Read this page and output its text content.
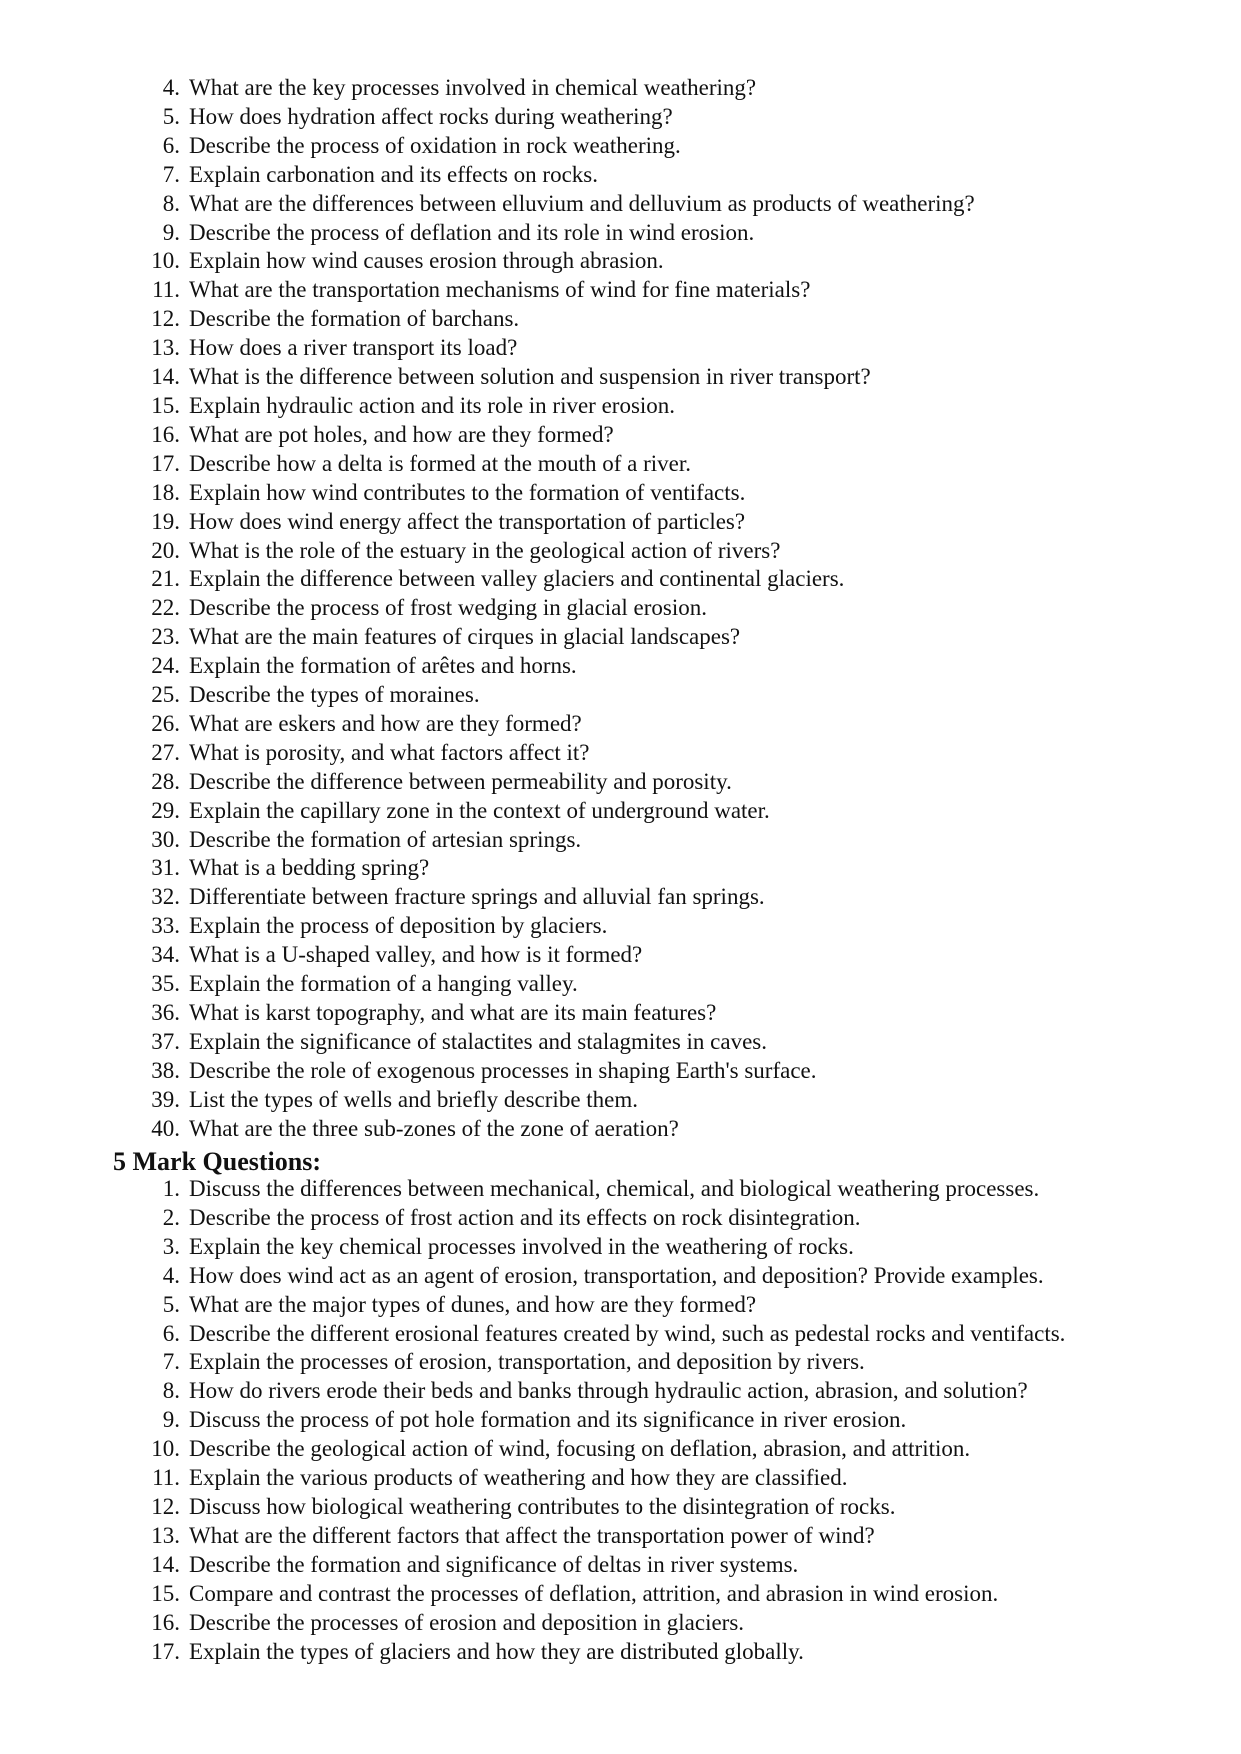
4. What are the key processes involved in chemical weathering?
5. How does hydration affect rocks during weathering?
6. Describe the process of oxidation in rock weathering.
7. Explain carbonation and its effects on rocks.
8. What are the differences between elluvium and delluvium as products of weathering?
9. Describe the process of deflation and its role in wind erosion.
10. Explain how wind causes erosion through abrasion.
11. What are the transportation mechanisms of wind for fine materials?
12. Describe the formation of barchans.
13. How does a river transport its load?
14. What is the difference between solution and suspension in river transport?
15. Explain hydraulic action and its role in river erosion.
16. What are pot holes, and how are they formed?
17. Describe how a delta is formed at the mouth of a river.
18. Explain how wind contributes to the formation of ventifacts.
19. How does wind energy affect the transportation of particles?
20. What is the role of the estuary in the geological action of rivers?
21. Explain the difference between valley glaciers and continental glaciers.
22. Describe the process of frost wedging in glacial erosion.
23. What are the main features of cirques in glacial landscapes?
24. Explain the formation of arêtes and horns.
25. Describe the types of moraines.
26. What are eskers and how are they formed?
27. What is porosity, and what factors affect it?
28. Describe the difference between permeability and porosity.
29. Explain the capillary zone in the context of underground water.
30. Describe the formation of artesian springs.
31. What is a bedding spring?
32. Differentiate between fracture springs and alluvial fan springs.
33. Explain the process of deposition by glaciers.
34. What is a U-shaped valley, and how is it formed?
35. Explain the formation of a hanging valley.
36. What is karst topography, and what are its main features?
37. Explain the significance of stalactites and stalagmites in caves.
38. Describe the role of exogenous processes in shaping Earth's surface.
39. List the types of wells and briefly describe them.
40. What are the three sub-zones of the zone of aeration?
5 Mark Questions:
1. Discuss the differences between mechanical, chemical, and biological weathering processes.
2. Describe the process of frost action and its effects on rock disintegration.
3. Explain the key chemical processes involved in the weathering of rocks.
4. How does wind act as an agent of erosion, transportation, and deposition? Provide examples.
5. What are the major types of dunes, and how are they formed?
6. Describe the different erosional features created by wind, such as pedestal rocks and ventifacts.
7. Explain the processes of erosion, transportation, and deposition by rivers.
8. How do rivers erode their beds and banks through hydraulic action, abrasion, and solution?
9. Discuss the process of pot hole formation and its significance in river erosion.
10. Describe the geological action of wind, focusing on deflation, abrasion, and attrition.
11. Explain the various products of weathering and how they are classified.
12. Discuss how biological weathering contributes to the disintegration of rocks.
13. What are the different factors that affect the transportation power of wind?
14. Describe the formation and significance of deltas in river systems.
15. Compare and contrast the processes of deflation, attrition, and abrasion in wind erosion.
16. Describe the processes of erosion and deposition in glaciers.
17. Explain the types of glaciers and how they are distributed globally.
